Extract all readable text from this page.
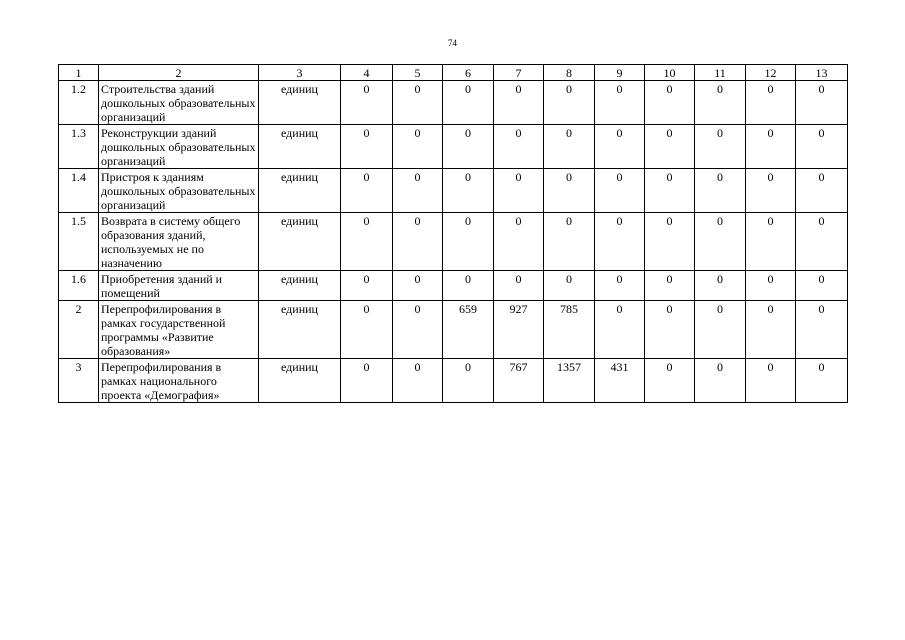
74
1	2	3	4	5	6	7	8	9	10	11	12	13
1.2	Строительства зданий дошкольных образовательных организаций	единиц	0	0	0	0	0	0	0	0	0	0
1.3	Реконструкции зданий дошкольных образовательных организаций	единиц	0	0	0	0	0	0	0	0	0	0
1.4	Пристроя к зданиям дошкольных образовательных организаций	единиц	0	0	0	0	0	0	0	0	0	0
1.5	Возврата в систему общего образования зданий, используемых не по назначению	единиц	0	0	0	0	0	0	0	0	0	0
1.6	Приобретения зданий и помещений	единиц	0	0	0	0	0	0	0	0	0	0
2	Перепрофилирования в рамках государственной программы «Развитие образования»	единиц	0	0	659	927	785	0	0	0	0	0
3	Перепрофилирования в рамках национального проекта «Демография»	единиц	0	0	0	767	1357	431	0	0	0	0
